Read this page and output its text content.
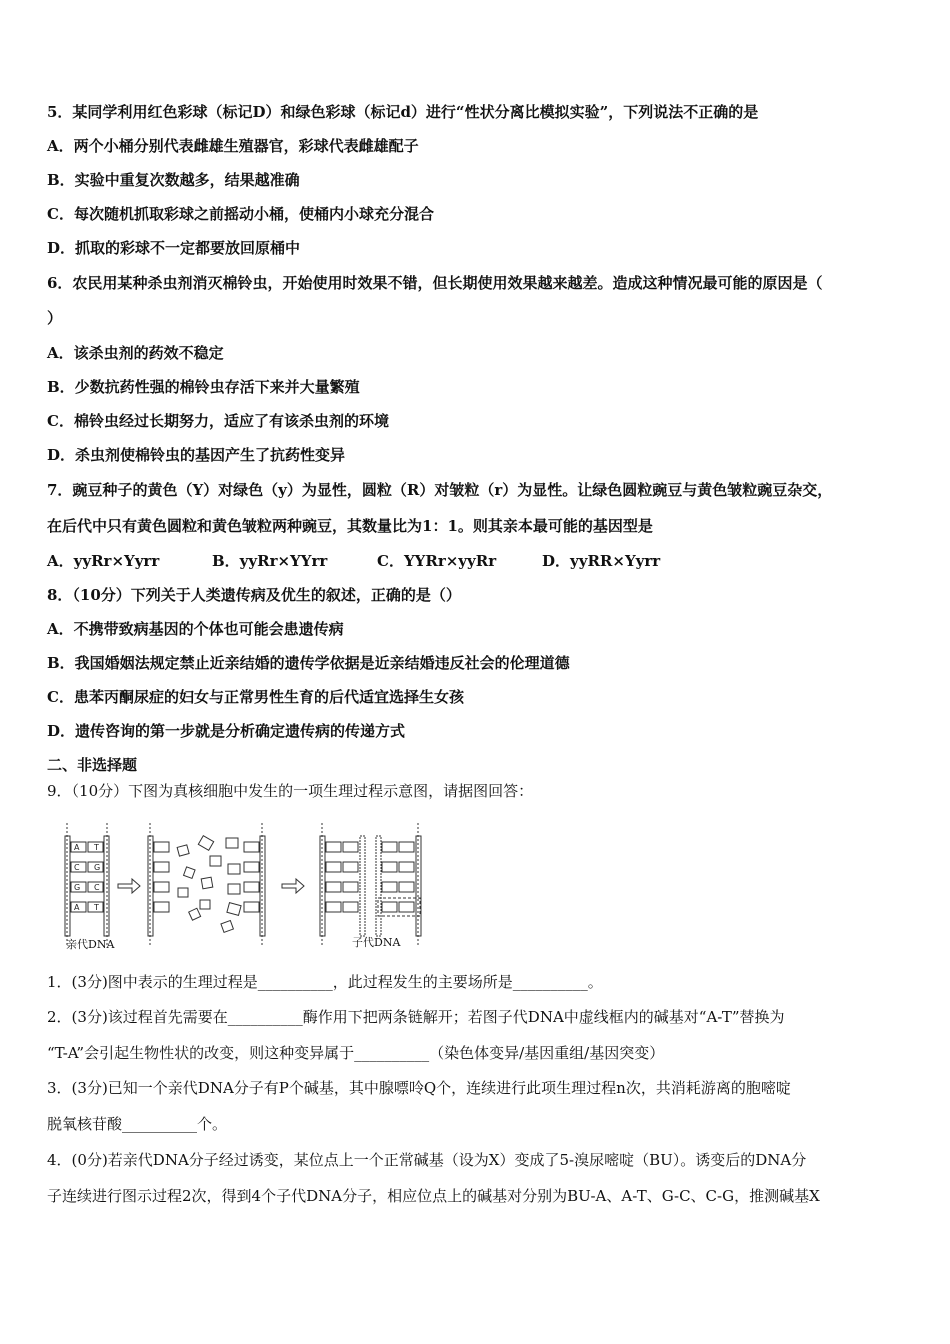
5．某同学利用红色彩球（标记D）和绿色彩球（标记d）进行“性状分离比模拟实验”，下列说法不正确的是
A．两个小桶分别代表雌雄生殖器官，彩球代表雌雄配子
B．实验中重复次数越多，结果越准确
C．每次随机抓取彩球之前摇动小桶，使桶内小球充分混合
D．抓取的彩球不一定都要放回原桶中
6．农民用某种杀虫剂消灭棉铃虫，开始使用时效果不错，但长期使用效果越来越差。造成这种情况最可能的原因是（
）
A．该杀虫剂的药效不稳定
B．少数抗药性强的棉铃虫存活下来并大量繁殖
C．棉铃虫经过长期努力，适应了有该杀虫剂的环境
D．杀虫剂使棉铃虫的基因产生了抗药性变异
7．豌豆种子的黄色（Y）对绿色（y）为显性，圆粒（R）对皱粒（r）为显性。让绿色圆粒豌豆与黄色皱粒豌豆杂交，
在后代中只有黄色圆粒和黄色皱粒两种豌豆，其数量比为1：1。则其亲本最可能的基因型是
A．yyRr×Yyrr	B．yyRr×YYrr	C．YYRr×yyRr	D．yyRR×Yyrr
8．（10分）下列关于人类遗传病及优生的叙述，正确的是（）
A．不携带致病基因的个体也可能会患遗传病
B．我国婚姻法规定禁止近亲结婚的遗传学依据是近亲结婚违反社会的伦理道德
C．患苯丙酮尿症的妇女与正常男性生育的后代适宜选择生女孩
D．遗传咨询的第一步就是分析确定遗传病的传递方式
二、非选择题
9．（10分）下图为真核细胞中发生的一项生理过程示意图，请据图回答：
A T
C G
G C
A T
亲代DNA	子代DNA
1．(3分)图中表示的生理过程是__________，此过程发生的主要场所是__________。
2．(3分)该过程首先需要在__________酶作用下把两条链解开；若图子代DNA中虚线框内的碱基对“A-T”替换为
“T-A”会引起生物性状的改变，则这种变异属于__________（染色体变异/基因重组/基因突变）
3．(3分)已知一个亲代DNA分子有P个碱基，其中腺嘌呤Q个，连续进行此项生理过程n次，共消耗游离的胞嘧啶
脱氧核苷酸__________个。
4．(0分)若亲代DNA分子经过诱变，某位点上一个正常碱基（设为X）变成了5-溴尿嘧啶（BU）。诱变后的DNA分
子连续进行图示过程2次，得到4个子代DNA分子，相应位点上的碱基对分别为BU-A、A-T、G-C、C-G，推测碱基X
